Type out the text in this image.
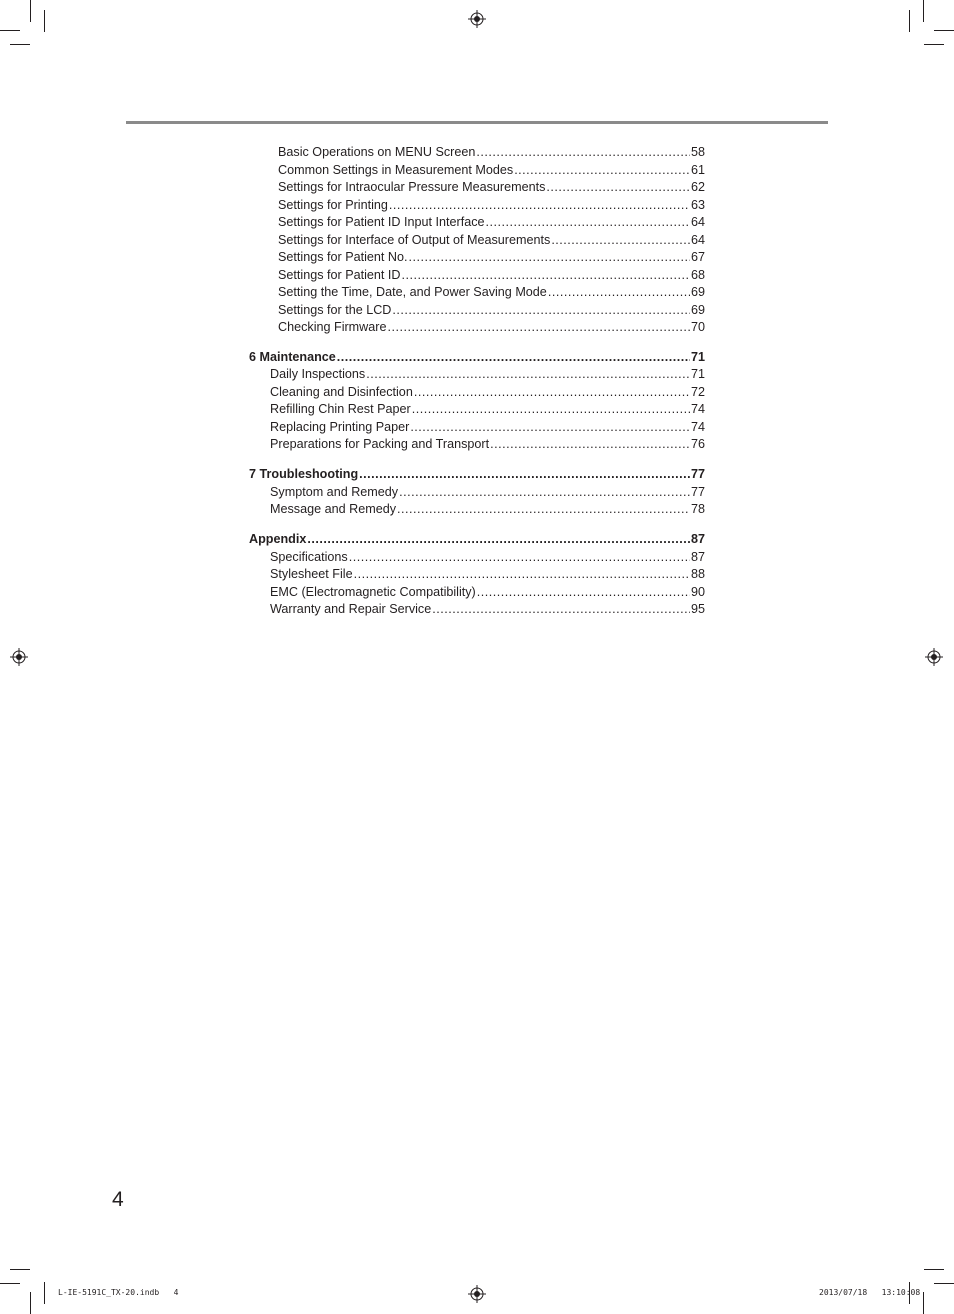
Basic Operations on MENU Screen .....	58
Common Settings in Measurement Modes .....	61
Settings for Intraocular Pressure Measurements .....	62
Settings for Printing .....	63
Settings for Patient ID Input Interface .....	64
Settings for Interface of Output of Measurements .....	64
Settings for Patient No. .....	67
Settings for Patient ID .....	68
Setting the Time, Date, and Power Saving Mode .....	69
Settings for the LCD .....	69
Checking Firmware .....	70
6 Maintenance .....	71
Daily Inspections .....	71
Cleaning and Disinfection .....	72
Refilling Chin Rest Paper .....	74
Replacing Printing Paper .....	74
Preparations for Packing and Transport .....	76
7 Troubleshooting .....	77
Symptom and Remedy .....	77
Message and Remedy .....	78
Appendix .....	87
Specifications .....	87
Stylesheet File .....	88
EMC (Electromagnetic Compatibility) .....	90
Warranty and Repair Service .....	95
4
L-IE-5191C_TX-20.indb 4	2013/07/18 13:10:08
